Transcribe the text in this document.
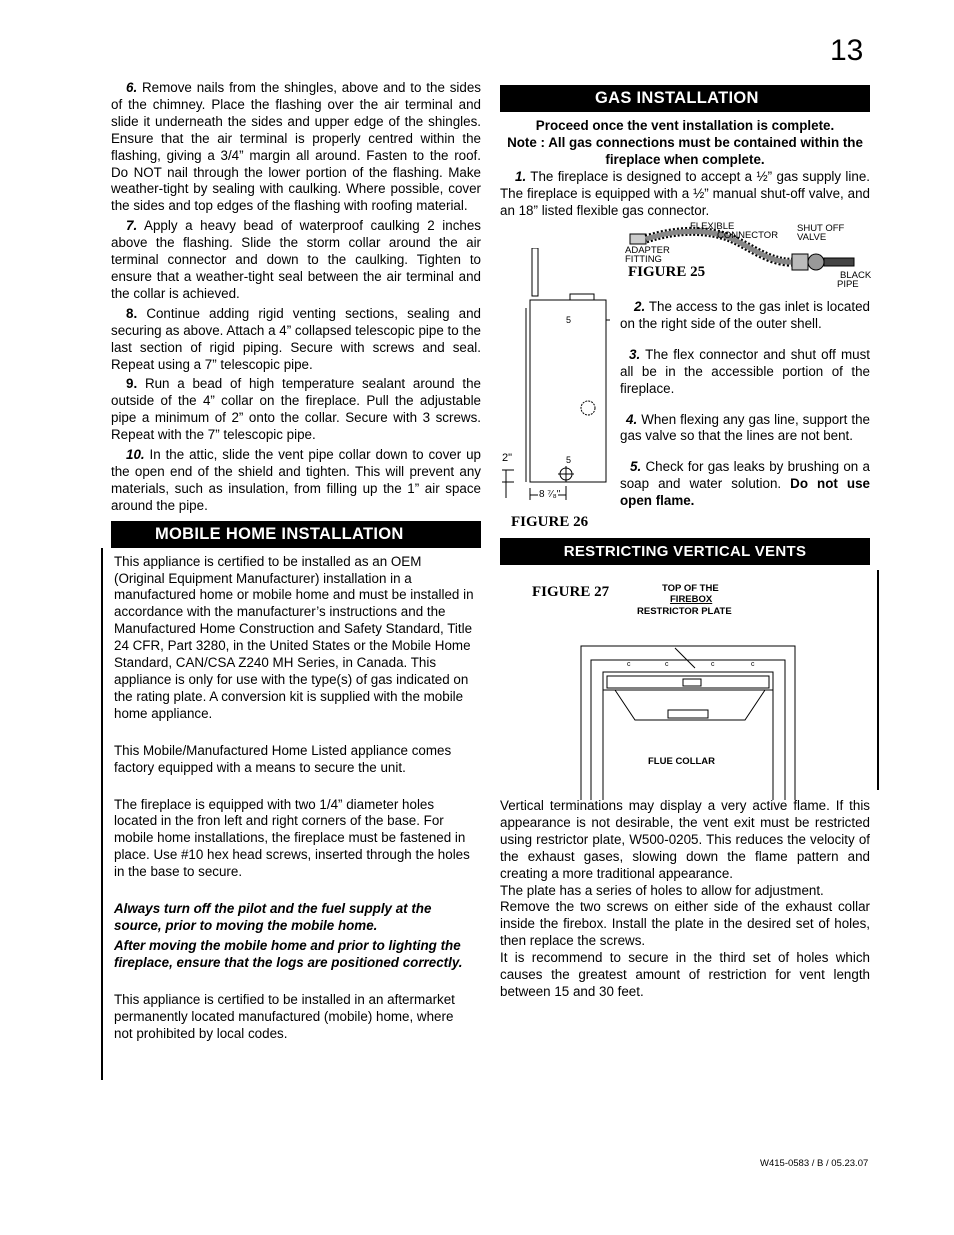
13

6. Remove nails from the shingles, above and to the sides of the chimney. Place the flashing over the air terminal and slide it underneath the sides and upper edge of the shingles. Ensure that the air terminal is properly centred within the flashing, giving a 3/4” margin all around. Fasten to the roof. Do NOT nail through the lower portion of the flashing. Make weather-tight by sealing with caulking. Where possible, cover the sides and top edges of the flashing with roofing material.

7. Apply a heavy bead of waterproof caulking 2 inches above the flashing. Slide the storm collar around the air terminal connector and down to the caulking. Tighten to ensure that a weather-tight seal between the air terminal and the collar is achieved.

8. Continue adding rigid venting sections, sealing and securing as above. Attach a 4” collapsed telescopic pipe to the last section of rigid piping. Secure with screws and seal. Repeat using a 7” telescopic pipe.

9. Run a bead of high temperature sealant around the outside of the 4” collar on the fireplace. Pull the adjustable pipe a minimum of 2” onto the collar. Secure with 3 screws. Repeat with the 7” telescopic pipe.

10. In the attic, slide the vent pipe collar down to cover up the open end of the shield and tighten. This will prevent any materials, such as insulation, from filling up the 1” air space around the pipe.

MOBILE HOME INSTALLATION

This appliance is certified to be installed as an OEM (Original Equipment Manufacturer) installation in a manufactured home or mobile home and must be installed in accordance with the manufacturer’s instructions and the Manufactured Home Construction and Safety Standard, Title 24 CFR, Part 3280, in the United States or the Mobile Home Standard, CAN/CSA Z240 MH Series, in Canada. This appliance is only for use with the type(s) of gas indicated on the rating plate. A conversion kit is supplied with the mobile home appliance.

This Mobile/Manufactured Home Listed appliance comes factory equipped with a means to secure the unit.

The fireplace is equipped with two 1/4” diameter holes located in the fron left and right corners of the base. For mobile home installations, the fireplace must be fastened in place. Use #10 hex head screws, inserted through the holes in the base to secure.

Always turn off the pilot and the fuel supply at the source, prior to moving the mobile home.

After moving the mobile home and prior to lighting the fireplace, ensure that the logs are positioned correctly.

This appliance is certified to be installed in an aftermarket permanently located manufactured (mobile) home, where not prohibited by local codes.

GAS INSTALLATION

Proceed once the vent installation is complete.

Note : All gas connections must be contained within the fireplace when complete.

1. The fireplace is designed to accept a ½” gas supply line. The fireplace is equipped with a ½” manual shut-off valve, and an 18” listed flexible gas connector.

FLEXIBLE
CONNECTOR
SHUT OFF
VALVE
ADAPTER
FITTING
BLACK
PIPE
FIGURE 25
5
5
2"
8 ⁷⁄₈"
FIGURE 26

2. The access to the gas inlet is located on the right side of the outer shell.

3. The flex connector and shut off must all be in the accessible portion of the fireplace.

4. When flexing any gas line, support the gas valve so that the lines are not bent.

5. Check for gas leaks by brushing on a soap and water solution. Do not use open flame.

RESTRICTING VERTICAL VENTS
FIGURE 27	TOP OF THE
FIREBOX
RESTRICTOR PLATE
c	c	c	c
FLUE COLLAR

Vertical terminations may display a very active flame. If this appearance is not desirable, the vent exit must be restricted using restrictor plate, W500-0205. This reduces the velocity of the exhaust gases, slowing down the flame pattern and creating a more traditional appearance.

The plate has a series of holes to allow for adjustment.

Remove the two screws on either side of the exhaust collar inside the firebox. Install the plate in the desired set of holes, then replace the screws.

It is recommend to secure in the third set of holes which causes the greatest amount of restriction for vent length between 15 and 30 feet.

W415-0583 / B / 05.23.07
